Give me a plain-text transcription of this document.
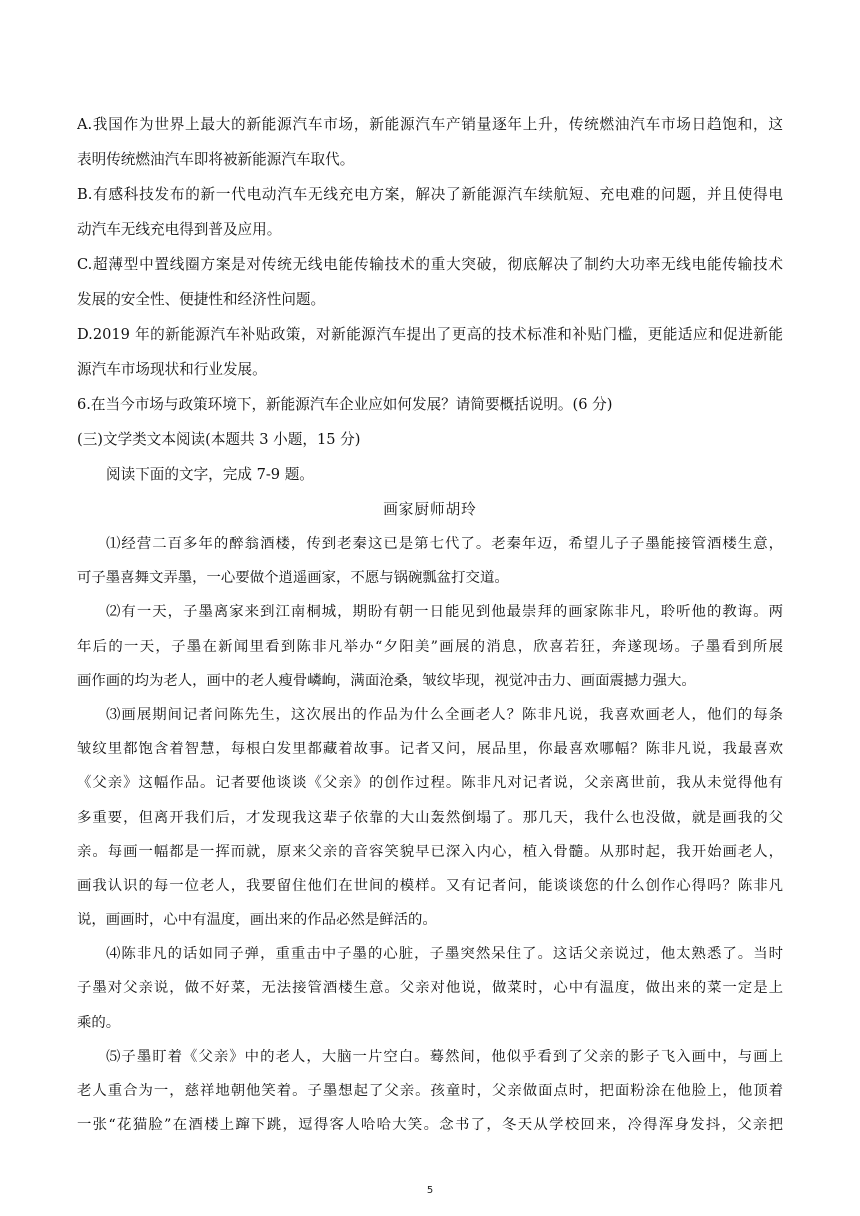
A.我国作为世界上最大的新能源汽车市场，新能源汽车产销量逐年上升，传统燃油汽车市场日趋饱和，这
表明传统燃油汽车即将被新能源汽车取代。
B.有感科技发布的新一代电动汽车无线充电方案，解决了新能源汽车续航短、充电难的问题，并且使得电
动汽车无线充电得到普及应用。
C.超薄型中置线圈方案是对传统无线电能传输技术的重大突破，彻底解决了制约大功率无线电能传输技术
发展的安全性、便捷性和经济性问题。
D.2019 年的新能源汽车补贴政策，对新能源汽车提出了更高的技术标准和补贴门槛，更能适应和促进新能
源汽车市场现状和行业发展。
6.在当今市场与政策环境下，新能源汽车企业应如何发展？请简要概括说明。(6 分)
(三)文学类文本阅读(本题共 3 小题，15 分)
阅读下面的文字，完成 7-9 题。
画家厨师胡玲
⑴经营二百多年的醉翁酒楼，传到老秦这已是第七代了。老秦年迈，希望儿子子墨能接管酒楼生意，
可子墨喜舞文弄墨，一心要做个逍遥画家，不愿与锅碗瓢盆打交道。
⑵有一天，子墨离家来到江南桐城，期盼有朝一日能见到他最崇拜的画家陈非凡，聆听他的教诲。两
年后的一天，子墨在新闻里看到陈非凡举办“夕阳美”画展的消息，欣喜若狂，奔遂现场。子墨看到所展
画作画的均为老人，画中的老人瘦骨嶙峋，满面沧桑，皱纹毕现，视觉冲击力、画面震撼力强大。
⑶画展期间记者问陈先生，这次展出的作品为什么全画老人？陈非凡说，我喜欢画老人，他们的每条
皱纹里都饱含着智慧，每根白发里都藏着故事。记者又问，展品里，你最喜欢哪幅？陈非凡说，我最喜欢
《父亲》这幅作品。记者要他谈谈《父亲》的创作过程。陈非凡对记者说，父亲离世前，我从未觉得他有
多重要，但离开我们后，才发现我这辈子依靠的大山轰然倒塌了。那几天，我什么也没做，就是画我的父
亲。每画一幅都是一挥而就，原来父亲的音容笑貌早已深入内心，植入骨髓。从那时起，我开始画老人，
画我认识的每一位老人，我要留住他们在世间的模样。又有记者问，能谈谈您的什么创作心得吗？陈非凡
说，画画时，心中有温度，画出来的作品必然是鲜活的。
⑷陈非凡的话如同子弹，重重击中子墨的心脏，子墨突然呆住了。这话父亲说过，他太熟悉了。当时
子墨对父亲说，做不好菜，无法接管酒楼生意。父亲对他说，做菜时，心中有温度，做出来的菜一定是上
乘的。
⑸子墨盯着《父亲》中的老人，大脑一片空白。蓦然间，他似乎看到了父亲的影子飞入画中，与画上
老人重合为一，慈祥地朝他笑着。子墨想起了父亲。孩童时，父亲做面点时，把面粉涂在他脸上，他顶着
一张“花猫脸”在酒楼上蹿下跳，逗得客人哈哈大笑。念书了，冬天从学校回来，冷得浑身发抖，父亲把
5
